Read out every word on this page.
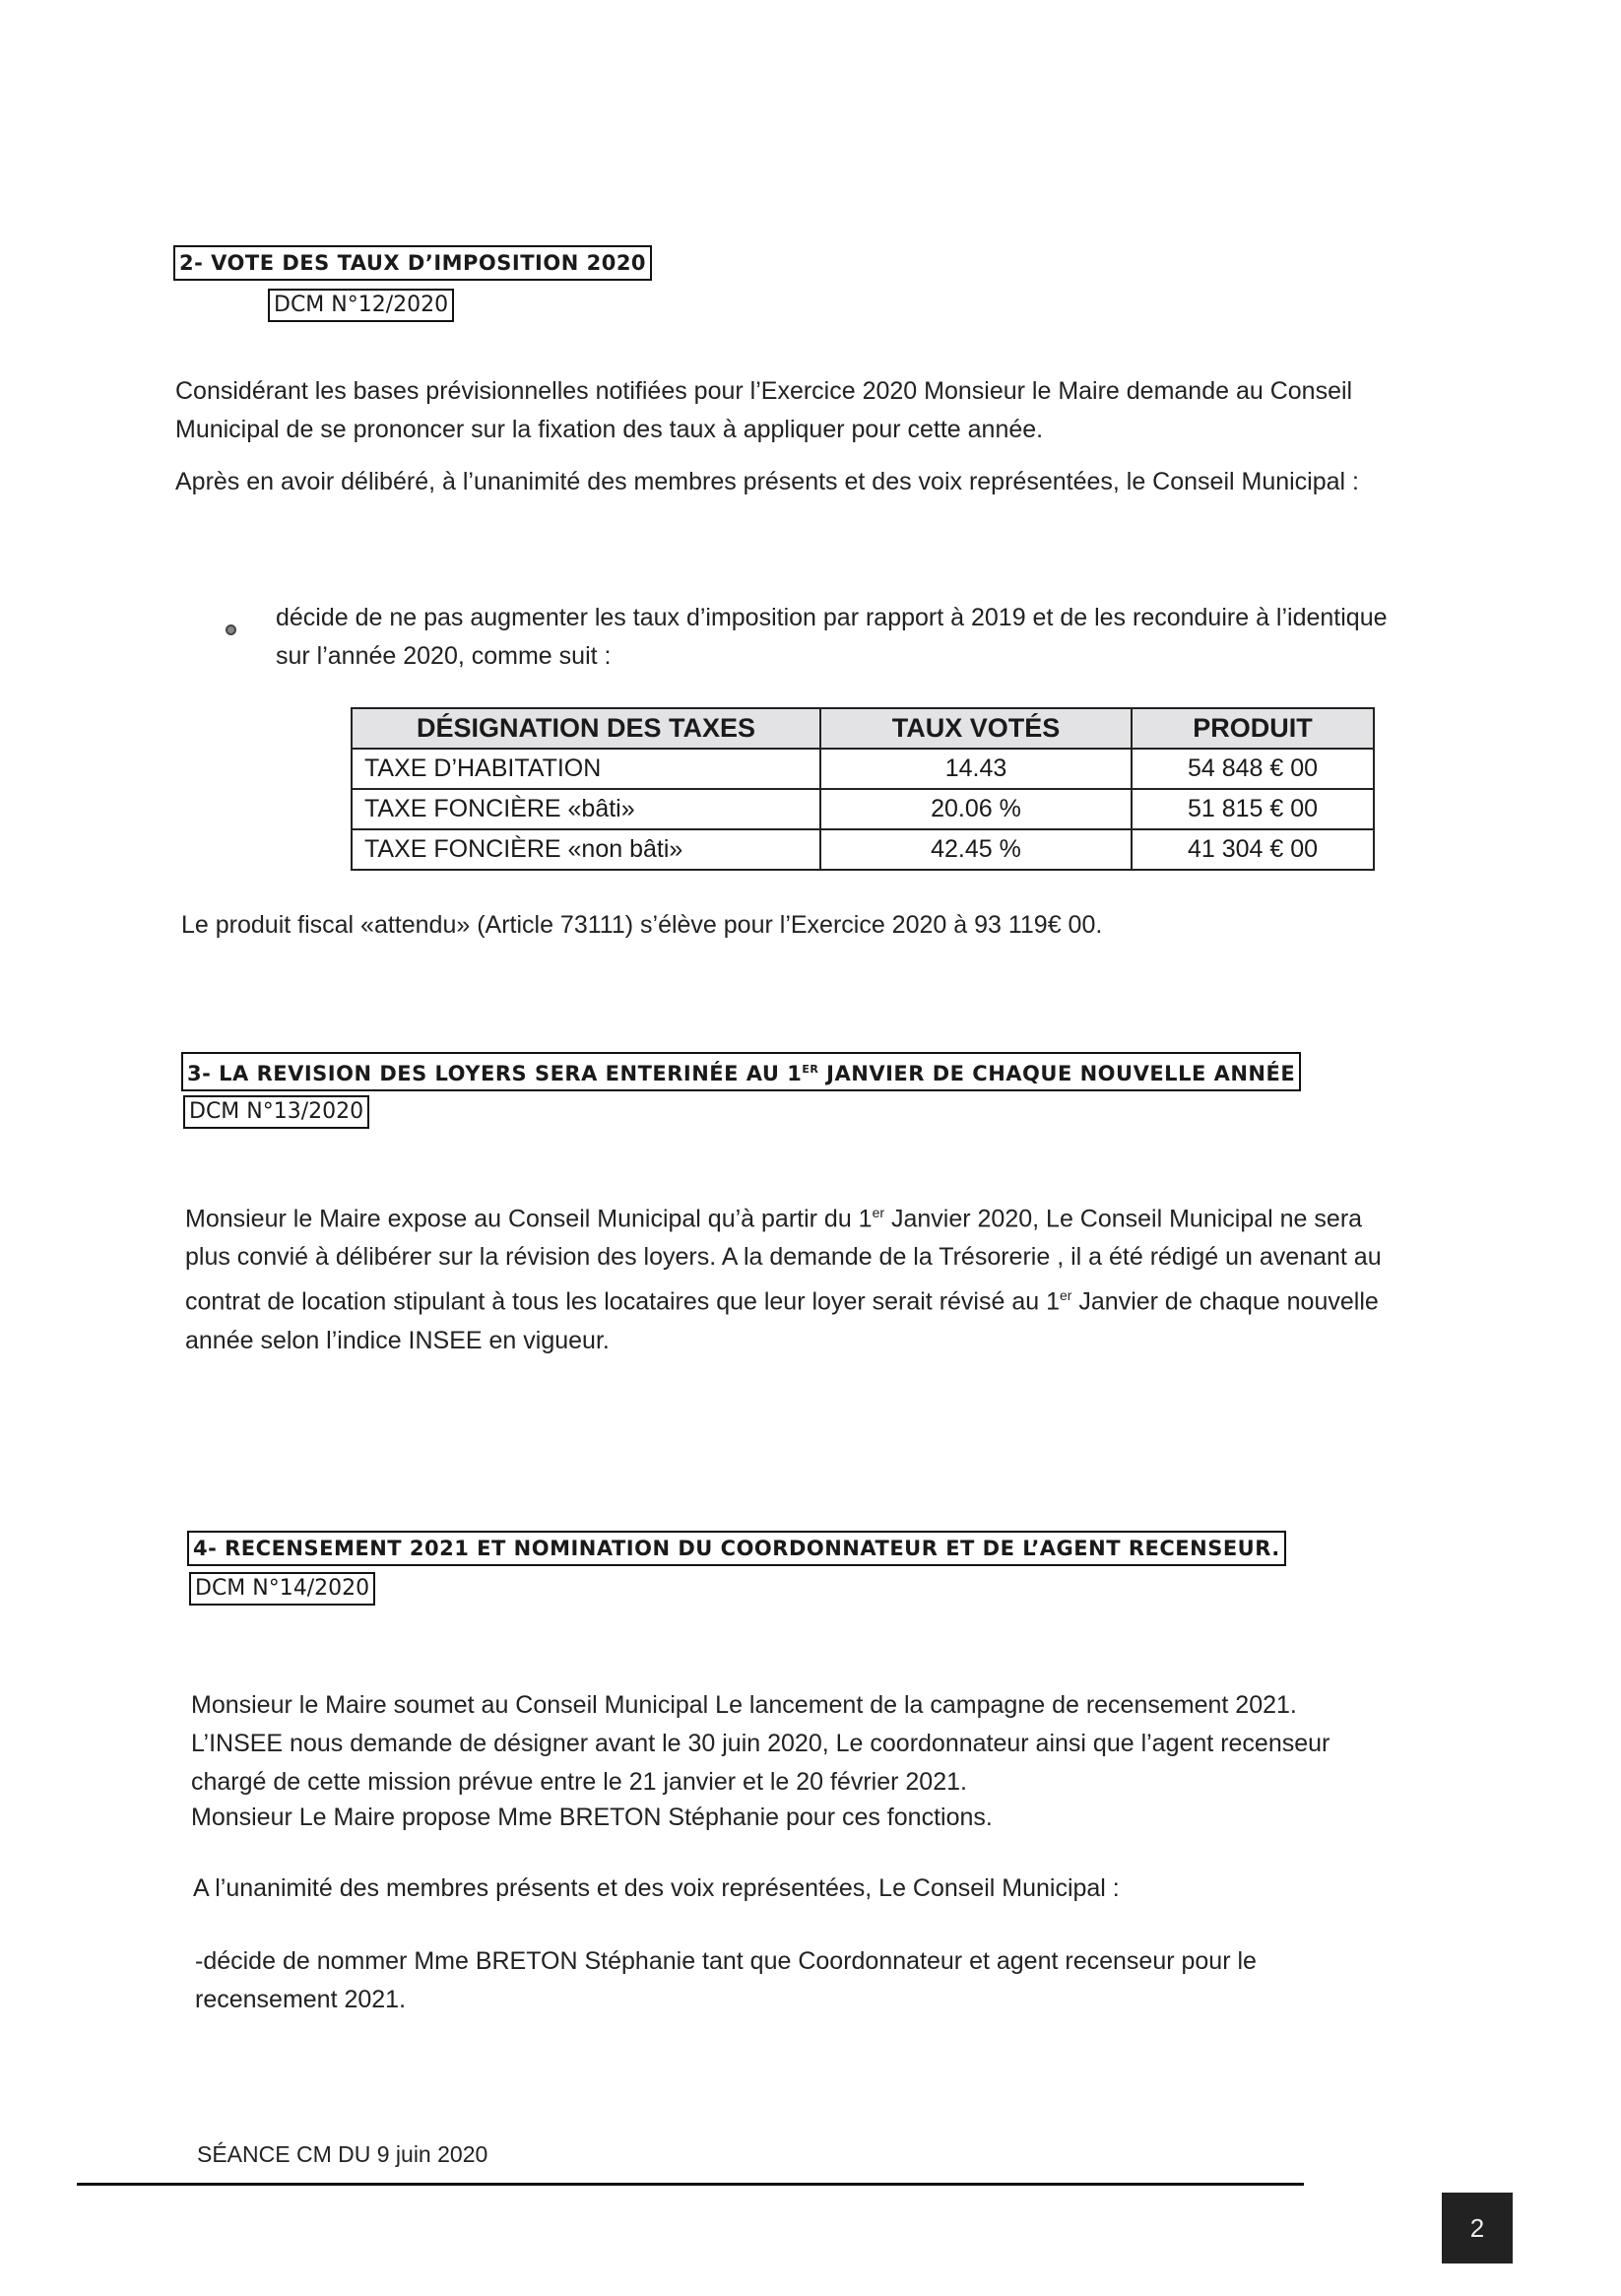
2- VOTE DES TAUX D’IMPOSITION 2020
DCM N°12/2020

Considérant les bases prévisionnelles notifiées pour l’Exercice 2020 Monsieur le Maire demande au Conseil Municipal de se prononcer sur la fixation des taux à appliquer pour cette année.

Après en avoir délibéré, à l’unanimité des membres présents et des voix représentées, le Conseil Municipal :

décide de ne pas augmenter les taux d’imposition par rapport à 2019 et de les reconduire à l’identique sur l’année 2020, comme suit :

DÉSIGNATION DES TAXES	TAUX VOTÉS	PRODUIT
TAXE D’HABITATION	14.43	54 848 € 00
TAXE FONCIÈRE «bâti»	20.06 %	51 815 € 00
TAXE FONCIÈRE «non bâti»	42.45 %	41 304 € 00

Le produit fiscal «attendu» (Article 73111) s’élève pour l’Exercice 2020 à 93 119€ 00.

3- LA REVISION DES LOYERS SERA ENTERINÉE AU 1ER JANVIER DE CHAQUE NOUVELLE ANNÉE
DCM N°13/2020

Monsieur le Maire expose au Conseil Municipal qu’à partir du 1er Janvier 2020, Le Conseil Municipal ne sera plus convié à délibérer sur la révision des loyers. A la demande de la Trésorerie , il a été rédigé un avenant au contrat de location stipulant à tous les locataires que leur loyer serait révisé au 1er Janvier de chaque nouvelle année selon l’indice INSEE en vigueur.

4- RECENSEMENT 2021 ET NOMINATION DU COORDONNATEUR ET DE L’AGENT RECENSEUR.
DCM N°14/2020

Monsieur le Maire soumet au Conseil Municipal Le lancement de la campagne de recensement 2021.

L’INSEE nous demande de désigner avant le 30 juin 2020, Le coordonnateur ainsi que l’agent recenseur

chargé de cette mission prévue entre le 21 janvier et le 20 février 2021.

Monsieur Le Maire propose Mme BRETON Stéphanie pour ces fonctions.

A l’unanimité des membres présents et des voix représentées, Le Conseil Municipal :

-décide de nommer Mme BRETON Stéphanie tant que Coordonnateur et agent recenseur pour le recensement 2021.

SÉANCE CM DU 9 juin 2020
2
